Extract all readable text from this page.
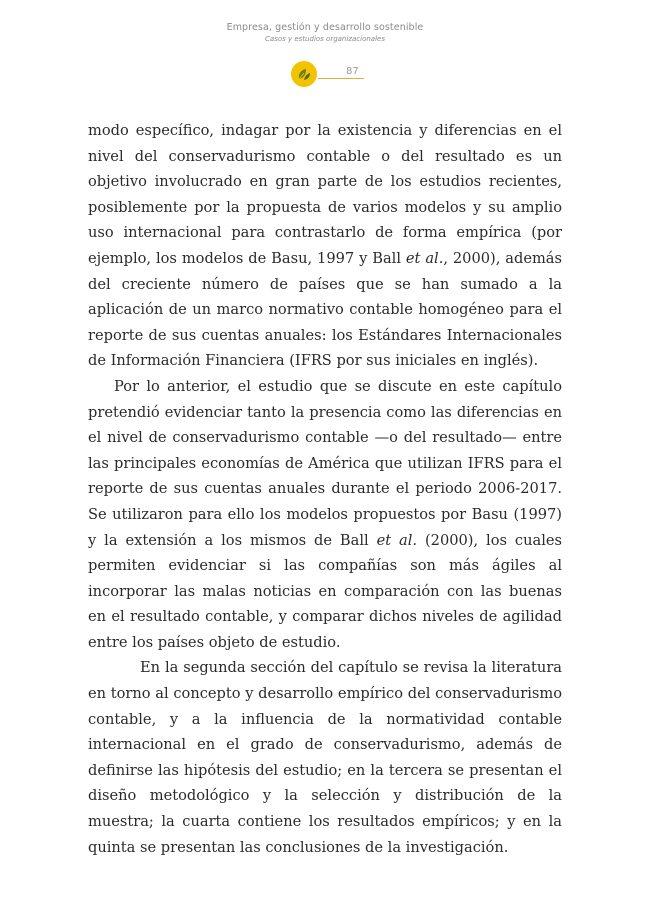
Empresa, gestión y desarrollo sostenible
Casos y estudios organizacionales
87

modo específico, indagar por la existencia y diferencias en el nivel del conservadurismo contable o del resultado es un objetivo involucrado en gran parte de los estudios recientes, posiblemente por la propuesta de varios modelos y su amplio uso internacional para contrastarlo de forma empírica (por ejemplo, los modelos de Basu, 1997 y Ball et al., 2000), además del creciente número de países que se han sumado a la aplicación de un marco normativo contable homogéneo para el reporte de sus cuentas anuales: los Estándares Internacionales de Información Financiera (IFRS por sus iniciales en inglés).

Por lo anterior, el estudio que se discute en este capítulo pretendió evidenciar tanto la presencia como las diferencias en el nivel de conservadurismo contable —o del resultado— entre las principales economías de América que utilizan IFRS para el reporte de sus cuentas anuales durante el periodo 2006-2017. Se utilizaron para ello los modelos propuestos por Basu (1997) y la extensión a los mismos de Ball et al. (2000), los cuales permiten evidenciar si las compañías son más ágiles al incorporar las malas noticias en comparación con las buenas en el resultado contable, y comparar dichos niveles de agilidad entre los países objeto de estudio.

En la segunda sección del capítulo se revisa la literatura en torno al concepto y desarrollo empírico del conservadurismo contable, y a la influencia de la normatividad contable internacional en el grado de conservadurismo, además de definirse las hipótesis del estudio; en la tercera se presentan el diseño metodológico y la selección y distribución de la muestra; la cuarta contiene los resultados empíricos; y en la quinta se presentan las conclusiones de la investigación.
